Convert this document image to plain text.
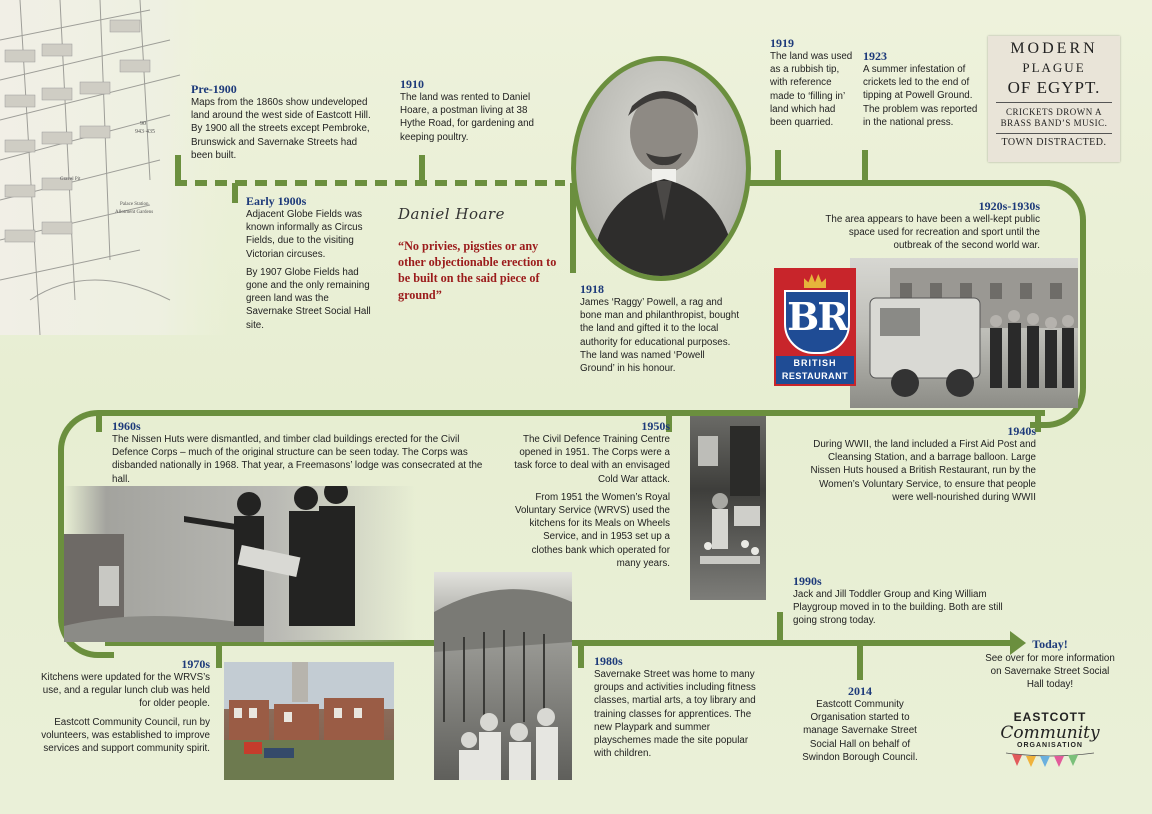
90
943·435
Palace Station
Allotment Gardens
Gravel Pit
Pre-1900
Maps from the 1860s show undeveloped land around the west side of Eastcott Hill. By 1900 all the streets except Pembroke, Brunswick and Savernake Streets had been built.
Early 1900s

Adjacent Globe Fields was known informally as Circus Fields, due to the visiting Victorian circuses.

By 1907 Globe Fields had gone and the only remaining green land was the Savernake Street Social Hall site.

1910
The land was rented to Daniel Hoare, a postman living at 38 Hythe Road, for gardening and keeping poultry.
Daniel Hoare
“No privies, pigsties or any other objectionable erection to be built on the said piece of ground”	1918
James ‘Raggy’ Powell, a rag and bone man and philanthropist, bought the land and gifted it to the local authority for educational purposes. The land was named ‘Powell Ground’ in his honour.
1919
The land was used as a rubbish tip, with reference made to ‘filling in’ land which had been quarried.
1923
A summer infestation of crickets led to the end of tipping at Powell Ground. The problem was reported in the national press.
MODERN
PLAGUE
OF EGYPT.
CRICKETS DROWN A BRASS BAND’S MUSIC.
TOWN DISTRACTED.
1920s-1930s
The area appears to have been a well-kept public space used for recreation and sport until the outbreak of the second world war.
BR
BRITISH
RESTAURANT
1940s
During WWII, the land included a First Aid Post and Cleansing Station, and a barrage balloon. Large Nissen Huts housed a British Restaurant, run by the Women’s Voluntary Service, to ensure that people were well-nourished during WWII
1950s

The Civil Defence Training Centre opened in 1951. The Corps were a task force to deal with an envisaged Cold War attack.

From 1951 the Women’s Royal Voluntary Service (WRVS) used the kitchens for its Meals on Wheels Service, and in 1953 set up a clothes bank which operated for many years.

1960s
The Nissen Huts were dismantled, and timber clad buildings erected for the Civil Defence Corps – much of the original structure can be seen today. The Corps was disbanded nationally in 1968. That year, a Freemasons’ lodge was consecrated at the hall.
1970s

Kitchens were updated for the WRVS’s use, and a regular lunch club was held for older people.

Eastcott Community Council, run by volunteers, was established to improve services and support community spirit.

1980s
Savernake Street was home to many groups and activities including fitness classes, martial arts, a toy library and training classes for apprentices. The new Playpark and summer playschemes made the site popular with children.
1990s
Jack and Jill Toddler Group and King William Playgroup moved in to the building. Both are still going strong today.
2014
Eastcott Community Organisation started to manage Savernake Street Social Hall on behalf of Swindon Borough Council.
Today!
See over for more information on Savernake Street Social Hall today!
EASTCOTT
Community
ORGANISATION
